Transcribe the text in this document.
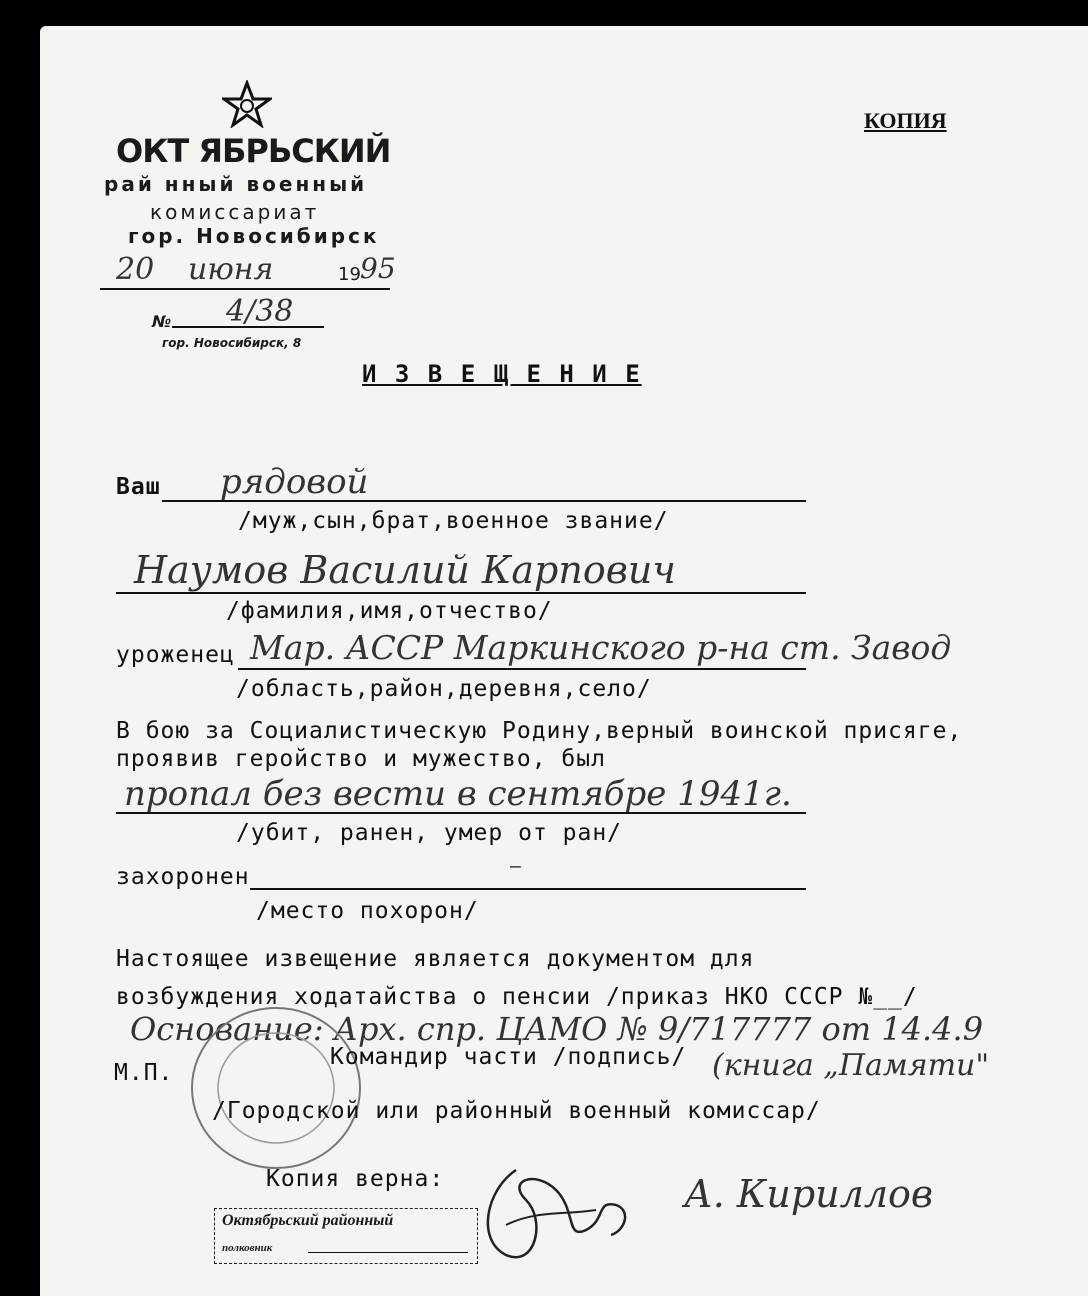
ОКТ ЯБРЬСКИЙ
рай нный военный
комиссариат
гор. Новосибирск
20 июня	19 95
№ 4/38
гор. Новосибирск, 8
КОПИЯ
И З В Е Щ Е Н И Е
Ваш рядовой
/муж,сын,брат,военное звание/
Наумов Василий Карпович
/фамилия,имя,отчество/
уроженец Мар. АССР Маркинского р-на ст. Завод
/область,район,деревня,село/
В бою за Социалистическую Родину,верный воинской присяге,
проявив геройство и мужество, был
пропал без вести в сентябре 1941г.
/убит, ранен, умер от ран/
захоронен	—
/место похорон/
Настоящее извещение является документом для
возбуждения ходатайства о пенсии /приказ НКО СССР №__/
Основание: Арх. спр. ЦАМО № 9/717777 от 14.4.9
М.П.
Командир части /подпись/ (книга „Памяти"
/Городской или районный военный комиссар/
Копия верна:
Октябрьский районный
полковник
А. Кириллов
